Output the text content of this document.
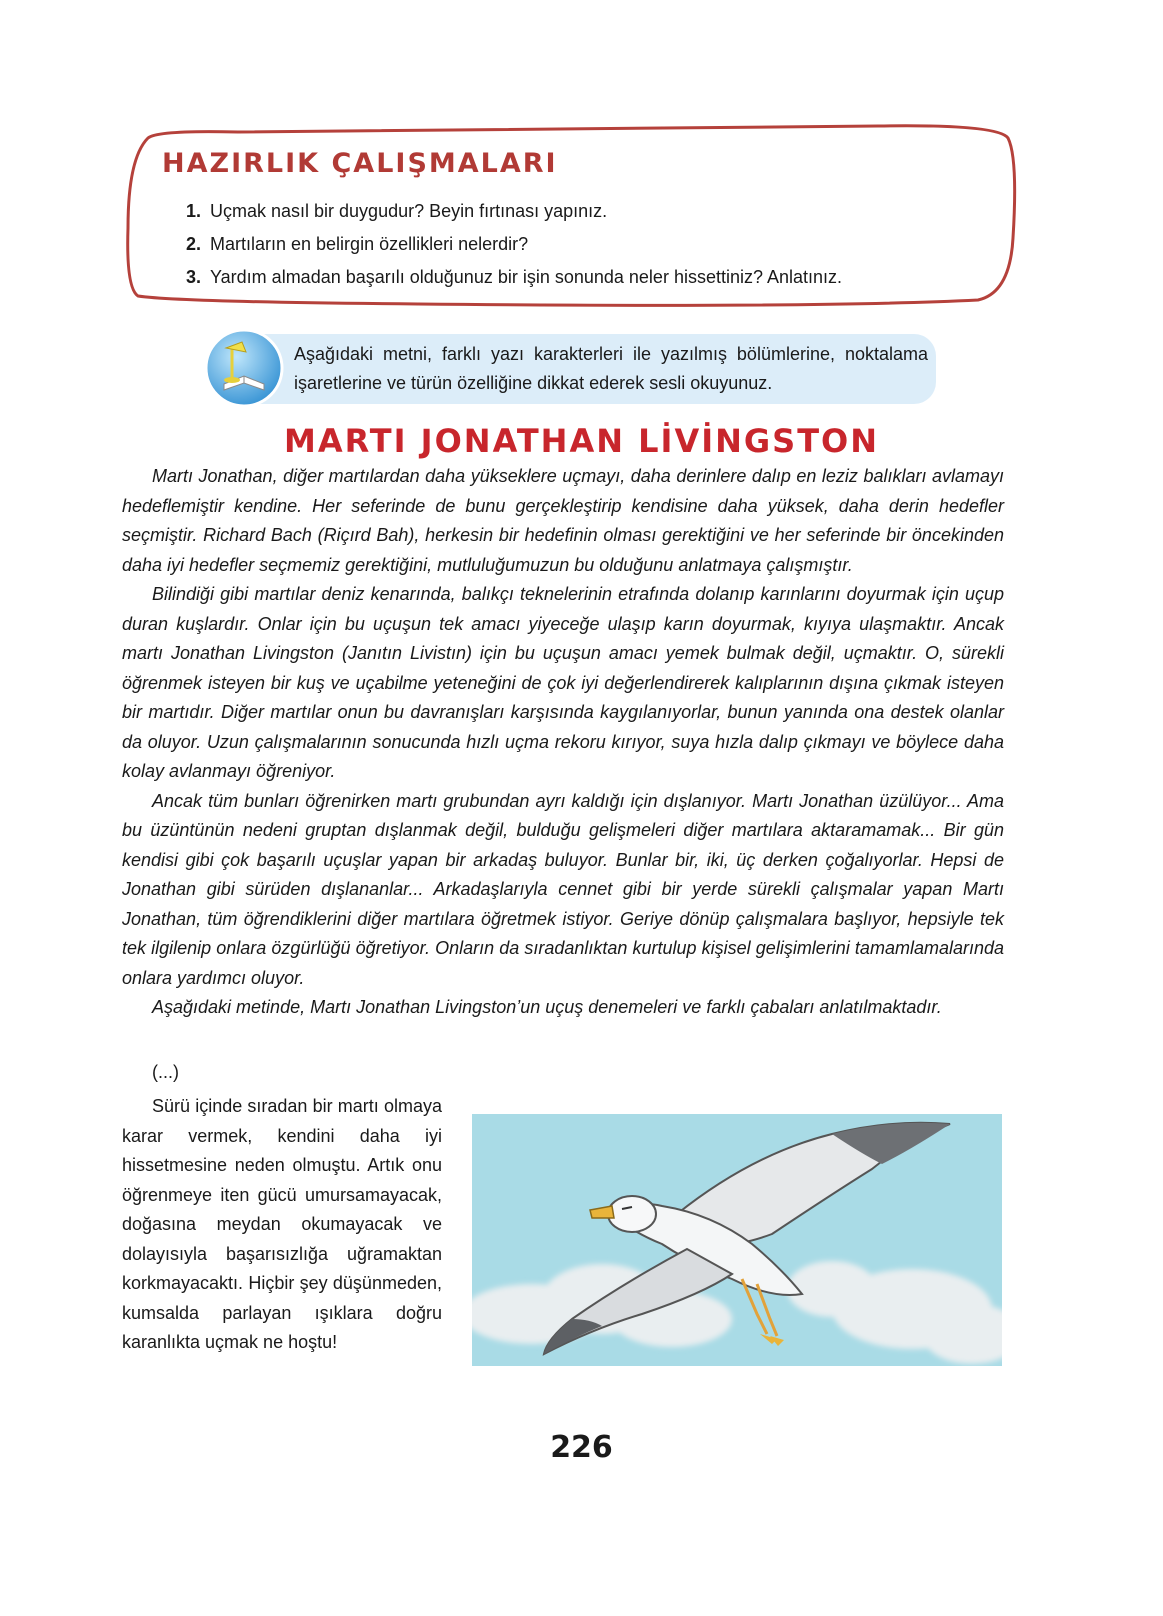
HAZIRLIK ÇALIŞMALARI
1. Uçmak nasıl bir duygudur? Beyin fırtınası yapınız.
2. Martıların en belirgin özellikleri nelerdir?
3. Yardım almadan başarılı olduğunuz bir işin sonunda neler hissettiniz? Anlatınız.

Aşağıdaki metni, farklı yazı karakterleri ile yazılmış bölümlerine, noktalama işaretlerine ve türün özelliğine dikkat ederek sesli okuyunuz.

MARTI JONATHAN LİVİNGSTON

Martı Jonathan, diğer martılardan daha yükseklere uçmayı, daha derinlere dalıp en leziz balıkları avlamayı hedeflemiştir kendine. Her seferinde de bunu gerçekleştirip kendisine daha yüksek, daha derin hedefler seçmiştir. Richard Bach (Riçırd Bah), herkesin bir hedefinin olması gerektiğini ve her seferinde bir öncekinden daha iyi hedefler seçmemiz gerektiğini, mutluluğumuzun bu olduğunu anlatmaya çalışmıştır.

Bilindiği gibi martılar deniz kenarında, balıkçı teknelerinin etrafında dolanıp karınlarını doyurmak için uçup duran kuşlardır. Onlar için bu uçuşun tek amacı yiyeceğe ulaşıp karın doyurmak, kıyıya ulaşmaktır. Ancak martı Jonathan Livingston (Janıtın Livistın) için bu uçuşun amacı yemek bulmak değil, uçmaktır. O, sürekli öğrenmek isteyen bir kuş ve uçabilme yeteneğini de çok iyi değerlendirerek kalıplarının dışına çıkmak isteyen bir martıdır. Diğer martılar onun bu davranışları karşısında kaygılanıyorlar, bunun yanında ona destek olanlar da oluyor. Uzun çalışmalarının sonucunda hızlı uçma rekoru kırıyor, suya hızla dalıp çıkmayı ve böylece daha kolay avlanmayı öğreniyor.

Ancak tüm bunları öğrenirken martı grubundan ayrı kaldığı için dışlanıyor. Martı Jonathan üzülüyor... Ama bu üzüntünün nedeni gruptan dışlanmak değil, bulduğu gelişmeleri diğer martılara aktaramamak... Bir gün kendisi gibi çok başarılı uçuşlar yapan bir arkadaş buluyor. Bunlar bir, iki, üç derken çoğalıyorlar. Hepsi de Jonathan gibi sürüden dışlananlar... Arkadaşlarıyla cennet gibi bir yerde sürekli çalışmalar yapan Martı Jonathan, tüm öğrendiklerini diğer martılara öğretmek istiyor. Geriye dönüp çalışmalara başlıyor, hepsiyle tek tek ilgilenip onlara özgürlüğü öğretiyor. Onların da sıradanlıktan kurtulup kişisel gelişimlerini tamamlamalarında onlara yardımcı oluyor.

Aşağıdaki metinde, Martı Jonathan Livingston’un uçuş denemeleri ve farklı çabaları anlatılmaktadır.

(...)

Sürü içinde sıradan bir martı olmaya karar vermek, kendini daha iyi hissetmesine neden olmuştu. Artık onu öğrenmeye iten gücü umursamayacak, doğasına meydan okumayacak ve dolayısıyla başarısızlığa uğramaktan korkmayacaktı. Hiçbir şey düşünmeden, kumsalda parlayan ışıklara doğru karanlıkta uçmak ne hoştu!

226
